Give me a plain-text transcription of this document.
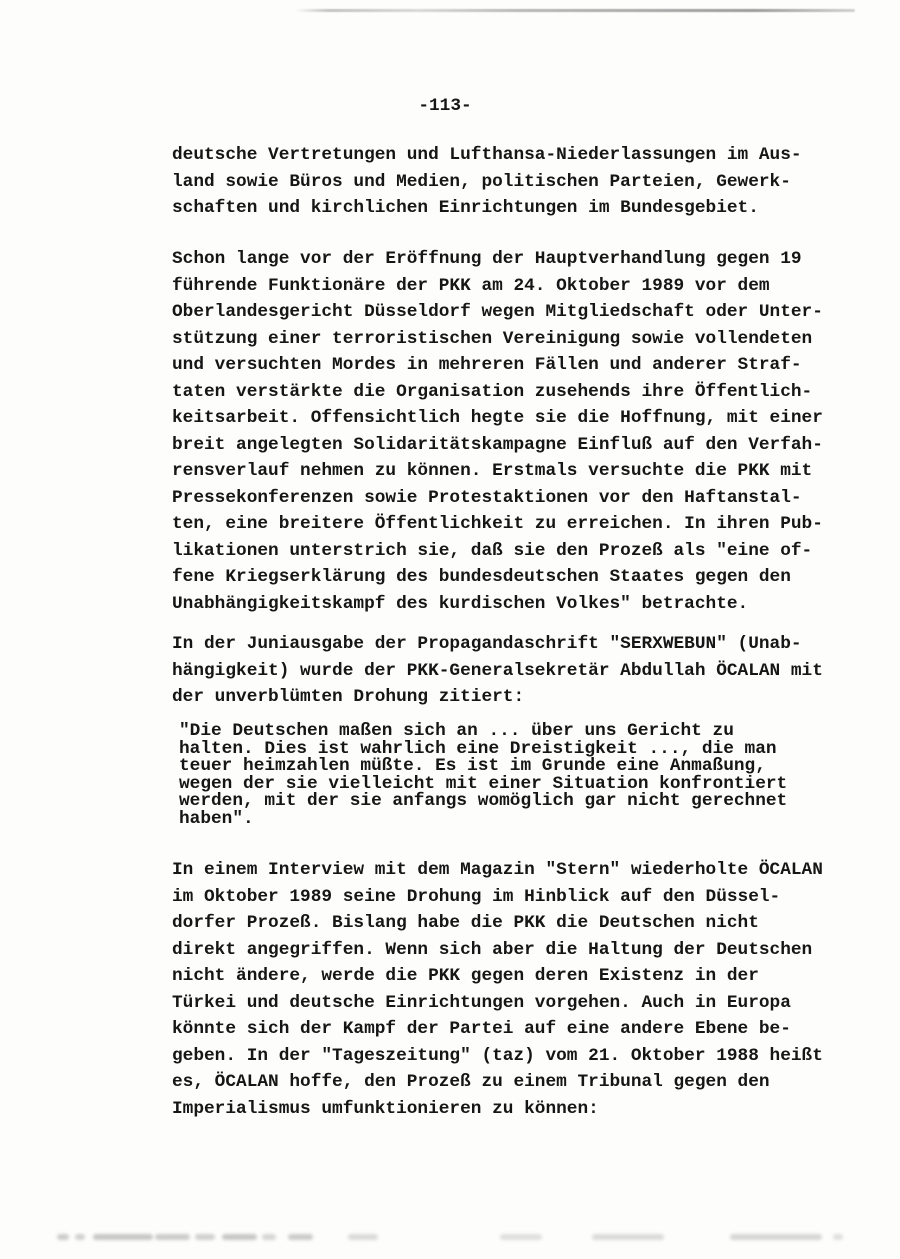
-113-
deutsche Vertretungen und Lufthansa-Niederlassungen im Aus-
land sowie Büros und Medien, politischen Parteien, Gewerk-
schaften und kirchlichen Einrichtungen im Bundesgebiet.
Schon lange vor der Eröffnung der Hauptverhandlung gegen 19
führende Funktionäre der PKK am 24. Oktober 1989 vor dem
Oberlandesgericht Düsseldorf wegen Mitgliedschaft oder Unter-
stützung einer terroristischen Vereinigung sowie vollendeten
und versuchten Mordes in mehreren Fällen und anderer Straf-
taten verstärkte die Organisation zusehends ihre Öffentlich-
keitsarbeit. Offensichtlich hegte sie die Hoffnung, mit einer
breit angelegten Solidaritätskampagne Einfluß auf den Verfah-
rensverlauf nehmen zu können. Erstmals versuchte die PKK mit
Pressekonferenzen sowie Protestaktionen vor den Haftanstal-
ten, eine breitere Öffentlichkeit zu erreichen. In ihren Pub-
likationen unterstrich sie, daß sie den Prozeß als "eine of-
fene Kriegserklärung des bundesdeutschen Staates gegen den
Unabhängigkeitskampf des kurdischen Volkes" betrachte.
In der Juniausgabe der Propagandaschrift "SERXWEBUN" (Unab-
hängigkeit) wurde der PKK-Generalsekretär Abdullah ÖCALAN mit
der unverblümten Drohung zitiert:
"Die Deutschen maßen sich an ... über uns Gericht zu
halten. Dies ist wahrlich eine Dreistigkeit ..., die man
teuer heimzahlen müßte. Es ist im Grunde eine Anmaßung,
wegen der sie vielleicht mit einer Situation konfrontiert
werden, mit der sie anfangs womöglich gar nicht gerechnet
haben".
In einem Interview mit dem Magazin "Stern" wiederholte ÖCALAN
im Oktober 1989 seine Drohung im Hinblick auf den Düssel-
dorfer Prozeß. Bislang habe die PKK die Deutschen nicht
direkt angegriffen. Wenn sich aber die Haltung der Deutschen
nicht ändere, werde die PKK gegen deren Existenz in der
Türkei und deutsche Einrichtungen vorgehen. Auch in Europa
könnte sich der Kampf der Partei auf eine andere Ebene be-
geben. In der "Tageszeitung" (taz) vom 21. Oktober 1988 heißt
es, ÖCALAN hoffe, den Prozeß zu einem Tribunal gegen den
Imperialismus umfunktionieren zu können:
